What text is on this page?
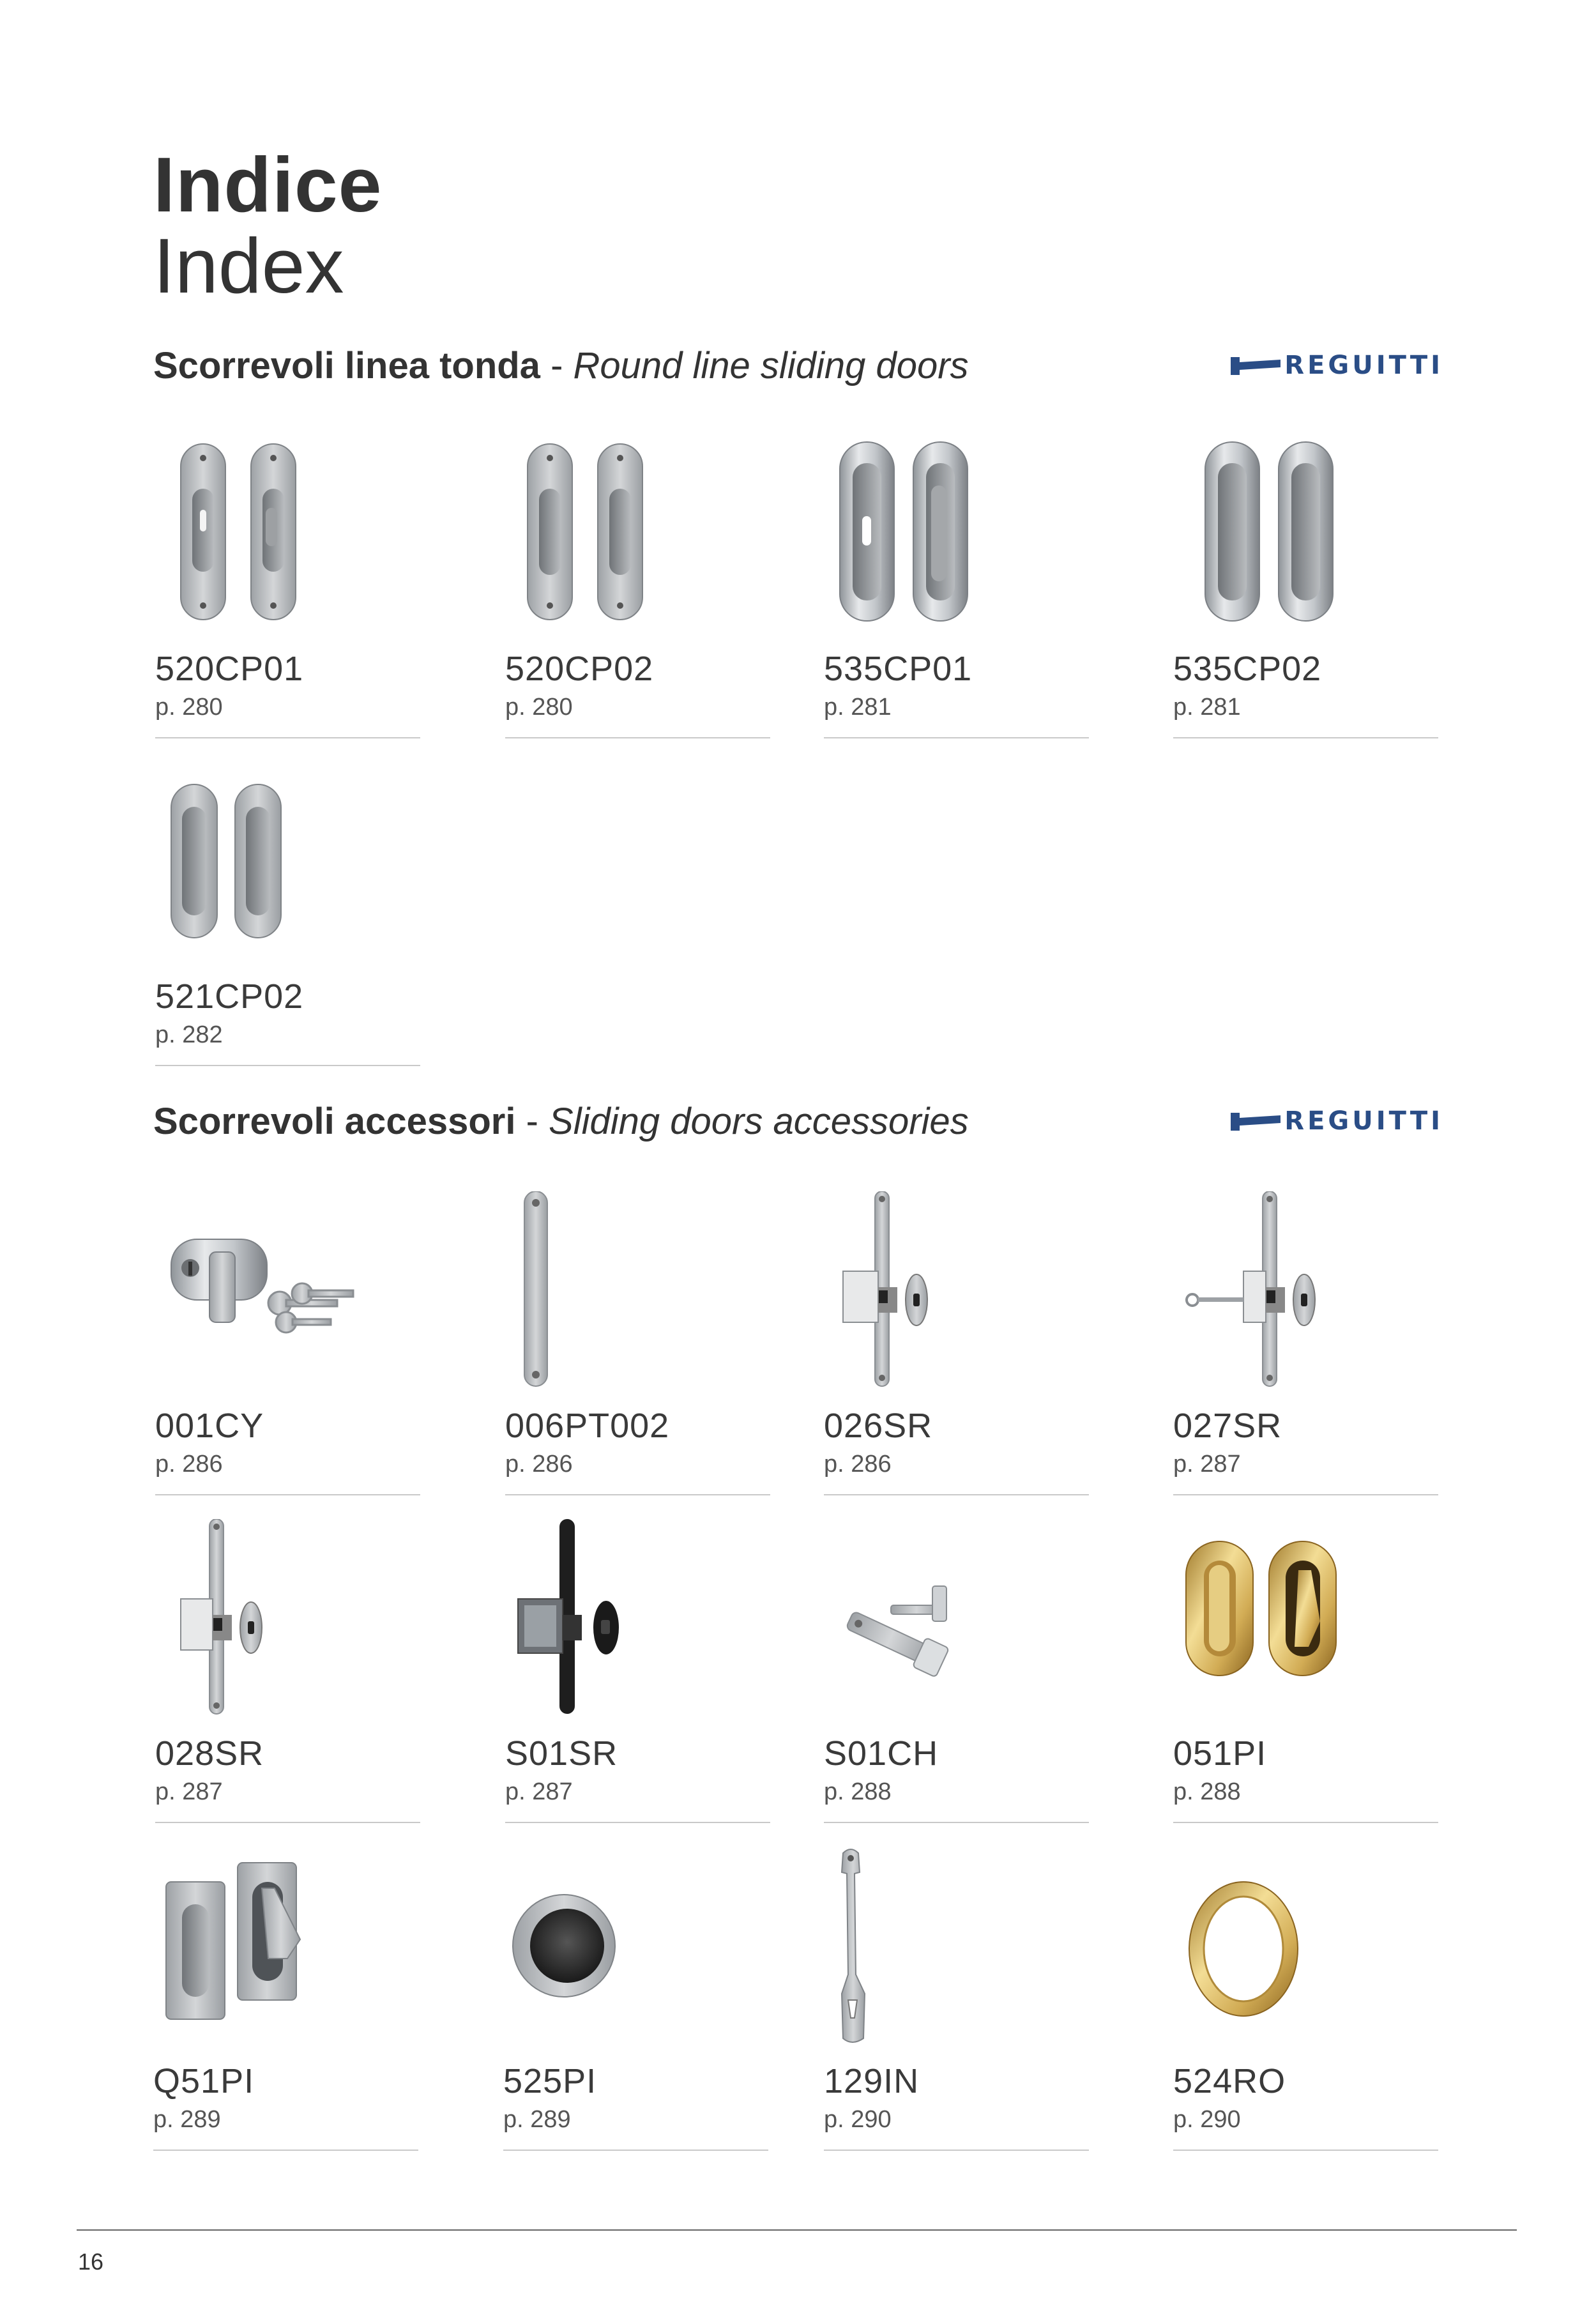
Indice
Index
Scorrevoli linea tonda - Round line sliding doors	REGUITTI
520CP01
p. 280
520CP02
p. 280
535CP01
p. 281
535CP02
p. 281
521CP02
p. 282
Scorrevoli accessori - Sliding doors accessories	REGUITTI
001CY
p. 286
006PT002
p. 286
026SR
p. 286
027SR
p. 287
028SR
p. 287
S01SR
p. 287
S01CH
p. 288
051PI
p. 288
Q51PI
p. 289
525PI
p. 289
129IN
p. 290
524RO
p. 290
16
